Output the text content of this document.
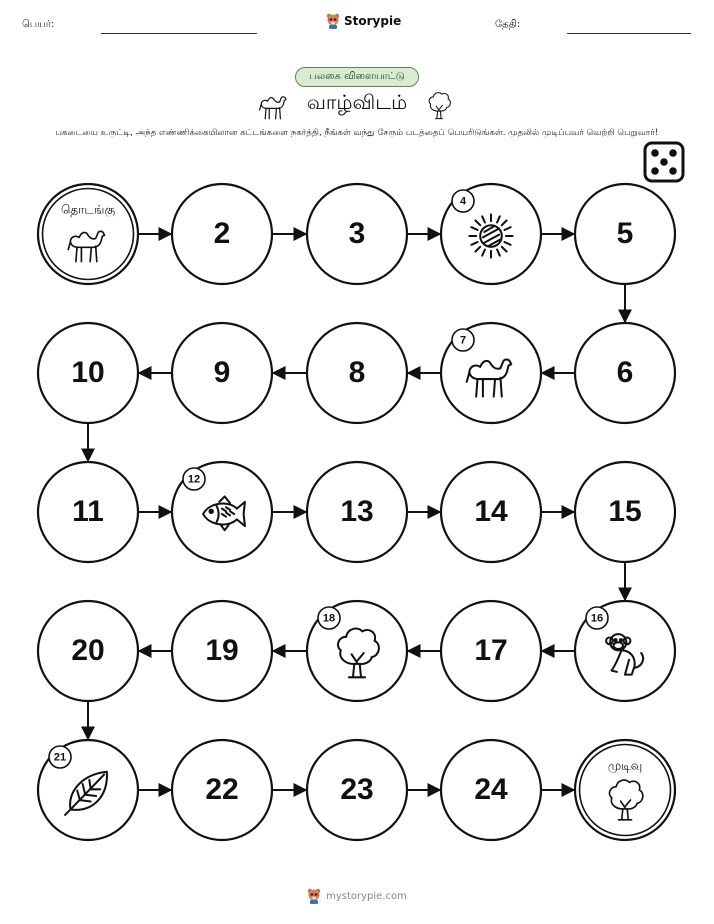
பெயர்:	Storypie	தேதி:
பலகை விளையாட்டு
வாழ்விடம்
பகடையை உருட்டி, அந்த எண்ணிக்கையிலான கட்டங்களை நகர்த்தி, நீங்கள் வந்து சேரும் படத்தைப் பெயரிடுங்கள். முதலில் முடிப்பவர் வெற்றி பெறுவார்!
தொடங்கு
2	3
4
5
6
7
8
9
10
11
12
13	14	15
16
17
18
19
20
21
22	23	24
முடிவு
mystorypie.com
